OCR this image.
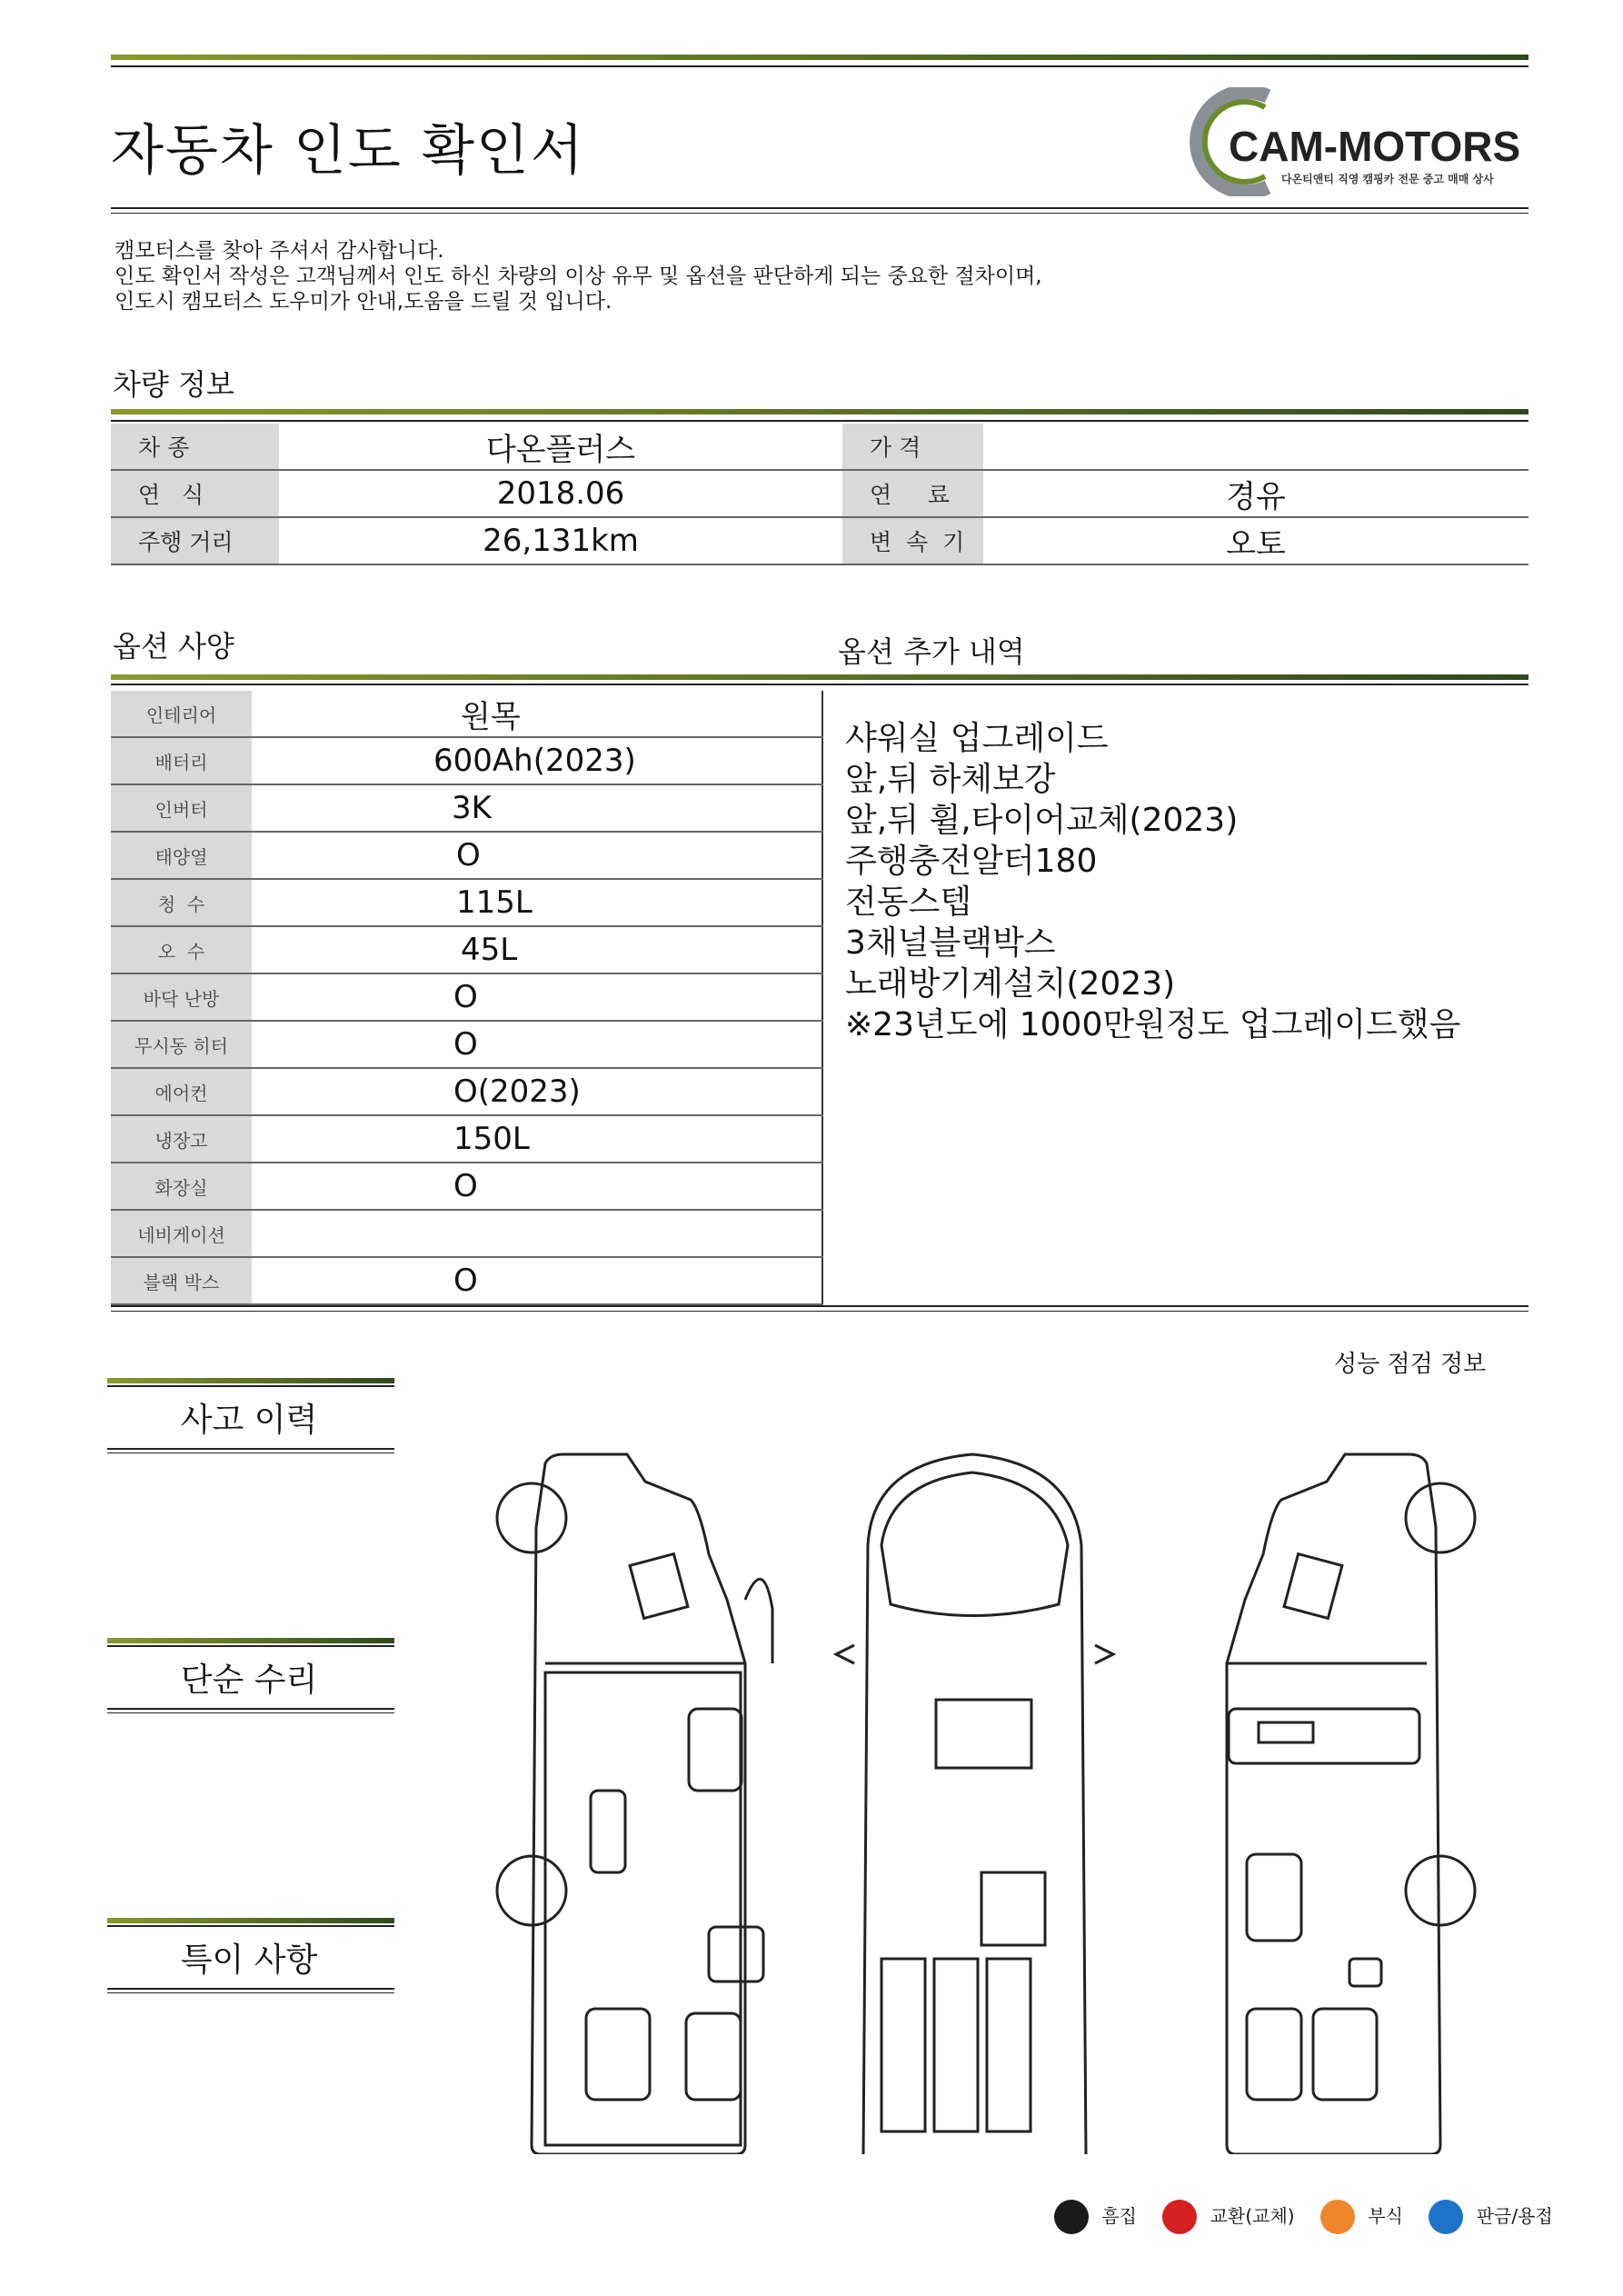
자동차 인도 확인서	CAM-MOTORS
다온티앤티 직영 캠핑카 전문 중고 매매 상사
캠모터스를 찾아 주셔서 감사합니다.
인도 확인서 작성은 고객님께서 인도 하신 차량의 이상 유무 및 옵션을 판단하게 되는 중요한 절차이며,
인도시 캠모터스 도우미가 안내,도움을 드릴 것 입니다.
차량 정보
차 종	다온플러스	가 격	
연   식	2018.06	연     료	경유
주행 거리	26,131km	변  속  기	오토
옵션 사양	옵션 추가 내역
인테리어	원목
배터리	600Ah(2023)
인버터	3K
태양열	O
청  수	115L
오  수	45L
바닥 난방	O
무시동 히터	O
에어컨	O(2023)
냉장고	150L
화장실	O
네비게이션	
블랙 박스	O
샤워실 업그레이드
앞,뒤 하체보강
앞,뒤 휠,타이어교체(2023)
주행충전알터180
전동스텝
3채널블랙박스
노래방기계설치(2023)
※23년도에 1000만원정도 업그레이드했음
성능 점검 정보
사고 이력
단순 수리
특이 사항
흠집	교환(교체)	부식	판금/용접
